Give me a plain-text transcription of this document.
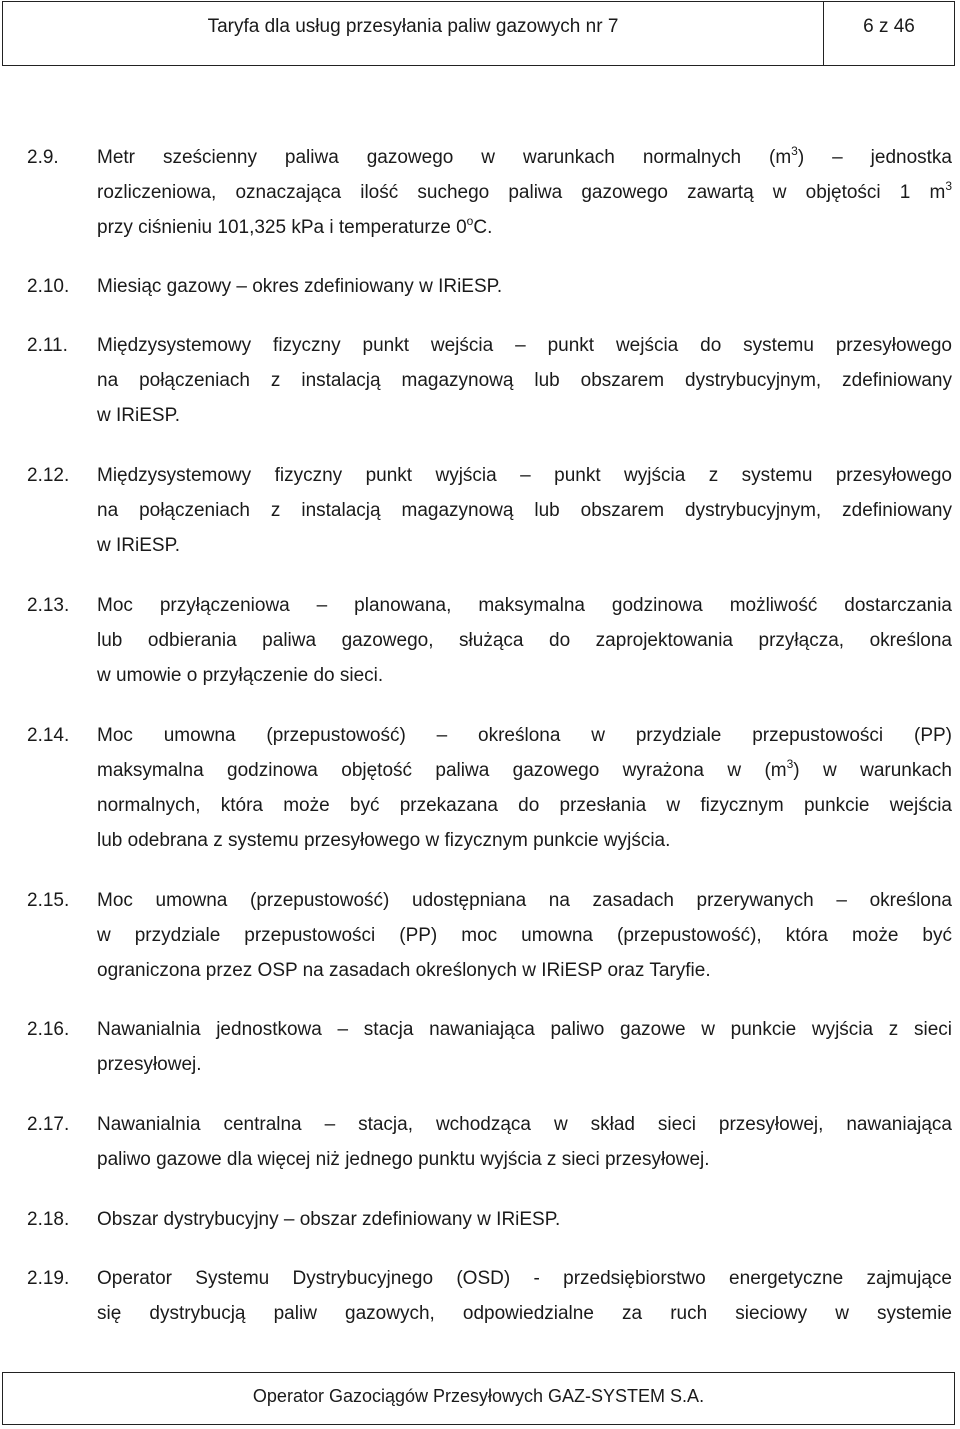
Taryfa dla usług przesyłania paliw gazowych nr 7	6 z 46
2.9. Metr sześcienny paliwa gazowego w warunkach normalnych $(m^3)$ – jednostka
rozliczeniowa, oznaczająca ilość suchego paliwa gazowego zawartą w objętości 1 $m^3$
przy ciśnieniu 101,325 kPa i temperaturze 0$^o$C.
2.10. Miesiąc gazowy – okres zdefiniowany w IRiESP.
2.11. Międzysystemowy fizyczny punkt wejścia – punkt wejścia do systemu przesyłowego
na połączeniach z instalacją magazynową lub obszarem dystrybucyjnym, zdefiniowany
w IRiESP.
2.12. Międzysystemowy fizyczny punkt wyjścia – punkt wyjścia z systemu przesyłowego
na połączeniach z instalacją magazynową lub obszarem dystrybucyjnym, zdefiniowany
w IRiESP.
2.13. Moc przyłączeniowa – planowana, maksymalna godzinowa możliwość dostarczania
lub odbierania paliwa gazowego, służąca do zaprojektowania przyłącza, określona
w umowie o przyłączenie do sieci.
2.14. Moc umowna (przepustowość) – określona w przydziale przepustowości (PP)
maksymalna godzinowa objętość paliwa gazowego wyrażona w $(m^3)$ w warunkach
normalnych, która może być przekazana do przesłania w fizycznym punkcie wejścia
lub odebrana z systemu przesyłowego w fizycznym punkcie wyjścia.
2.15. Moc umowna (przepustowość) udostępniana na zasadach przerywanych – określona
w przydziale przepustowości (PP) moc umowna (przepustowość), która może być
ograniczona przez OSP na zasadach określonych w IRiESP oraz Taryfie.
2.16. Nawanialnia jednostkowa – stacja nawaniająca paliwo gazowe w punkcie wyjścia z sieci
przesyłowej.
2.17. Nawanialnia centralna – stacja, wchodząca w skład sieci przesyłowej, nawaniająca
paliwo gazowe dla więcej niż jednego punktu wyjścia z sieci przesyłowej.
2.18. Obszar dystrybucyjny – obszar zdefiniowany w IRiESP.
2.19. Operator Systemu Dystrybucyjnego (OSD) - przedsiębiorstwo energetyczne zajmujące
się dystrybucją paliw gazowych, odpowiedzialne za ruch sieciowy w systemie
Operator Gazociągów Przesyłowych GAZ-SYSTEM S.A.
